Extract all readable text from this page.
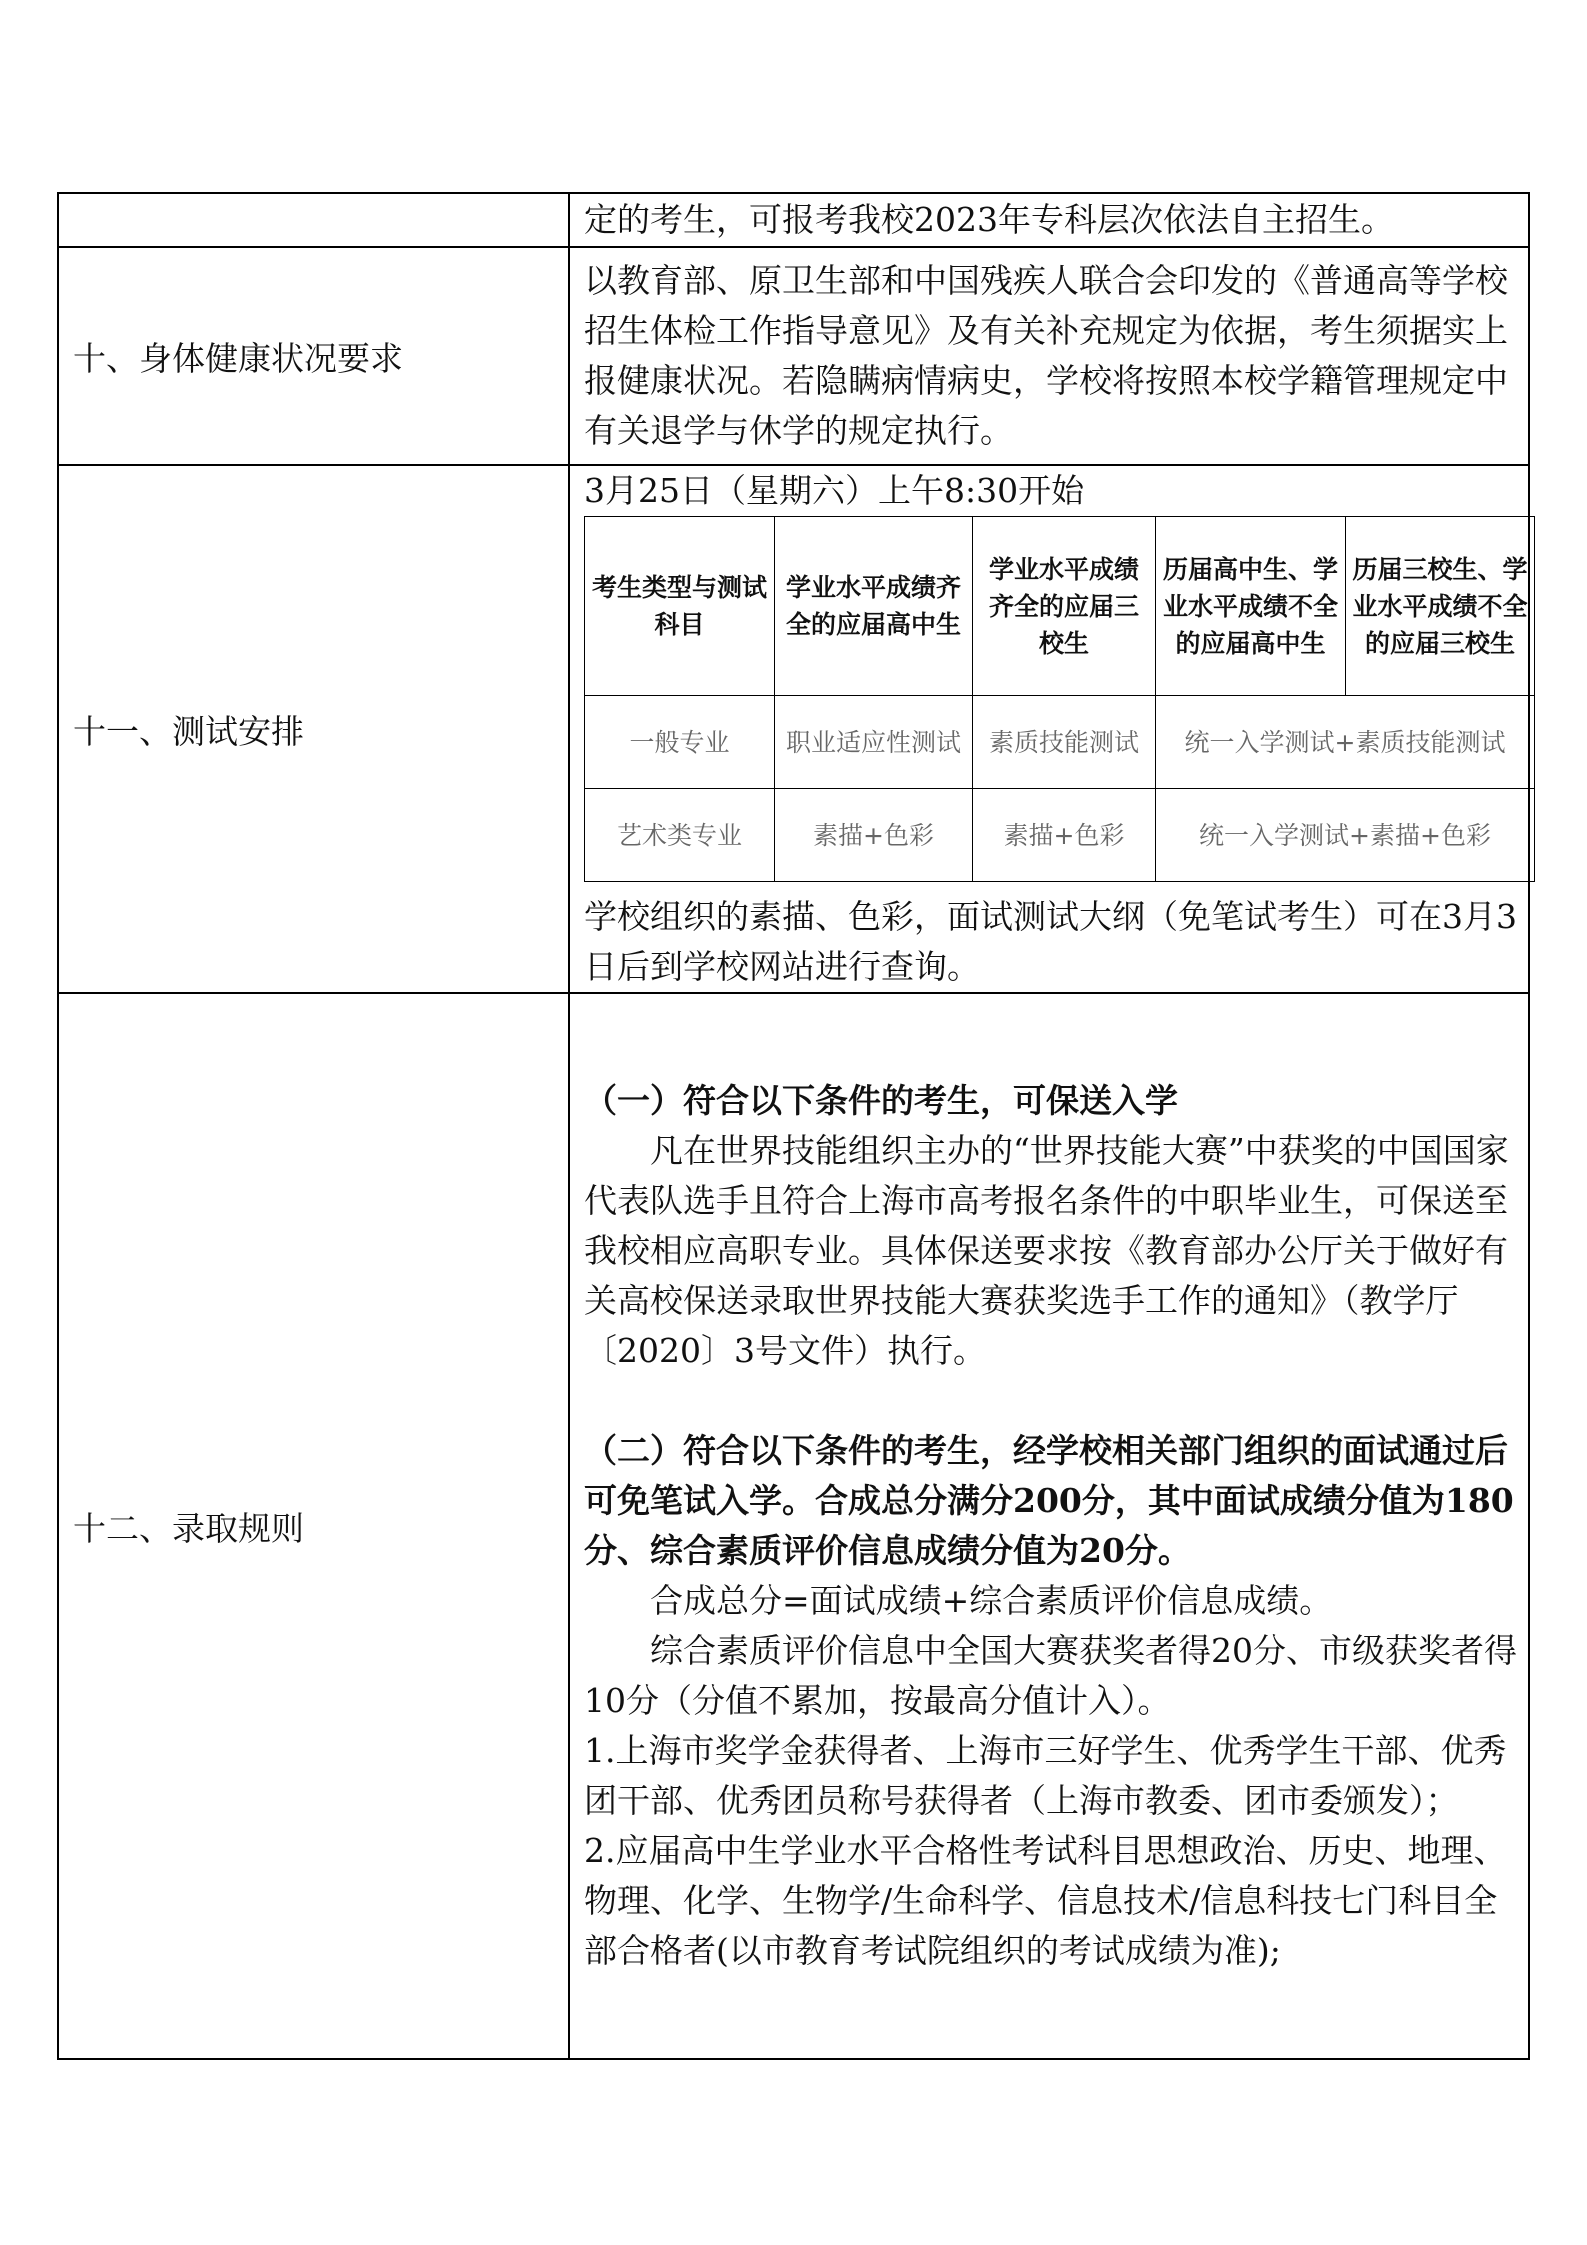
定的考生，可报考我校2023年专科层次依法自主招生。

十、身体健康状况要求	

以教育部、原卫生部和中国残疾人联合会印发的《普通高等学校招生体检工作指导意见》及有关补充规定为依据，考生须据实上报健康状况。若隐瞒病情病史，学校将按照本校学籍管理规定中有关退学与休学的规定执行。

十一、测试安排	

3月25日（星期六）上午8:30开始

考生类型与测试科目	学业水平成绩齐全的应届高中生	学业水平成绩齐全的应届三校生	历届高中生、学业水平成绩不全的应届高中生	历届三校生、学业水平成绩不全的应届三校生
一般专业	职业适应性测试	素质技能测试	统一入学测试+素质技能测试
艺术类专业	素描+色彩	素描+色彩	统一入学测试+素描+色彩

学校组织的素描、色彩，面试测试大纲（免笔试考生）可在3月3日后到学校网站进行查询。

十二、录取规则	

（一）符合以下条件的考生，可保送入学

凡在世界技能组织主办的“世界技能大赛”中获奖的中国国家代表队选手且符合上海市高考报名条件的中职毕业生，可保送至我校相应高职专业。具体保送要求按《教育部办公厅关于做好有关高校保送录取世界技能大赛获奖选手工作的通知》（教学厅〔2020〕3号文件）执行。

（二）符合以下条件的考生，经学校相关部门组织的面试通过后可免笔试入学。合成总分满分200分，其中面试成绩分值为180分、综合素质评价信息成绩分值为20分。

合成总分=面试成绩+综合素质评价信息成绩。

综合素质评价信息中全国大赛获奖者得20分、市级获奖者得10分（分值不累加，按最高分值计入）。

1.上海市奖学金获得者、上海市三好学生、优秀学生干部、优秀团干部、优秀团员称号获得者（上海市教委、团市委颁发）；

2.应届高中生学业水平合格性考试科目思想政治、历史、地理、物理、化学、生物学/生命科学、信息技术/信息科技七门科目全部合格者(以市教育考试院组织的考试成绩为准);
